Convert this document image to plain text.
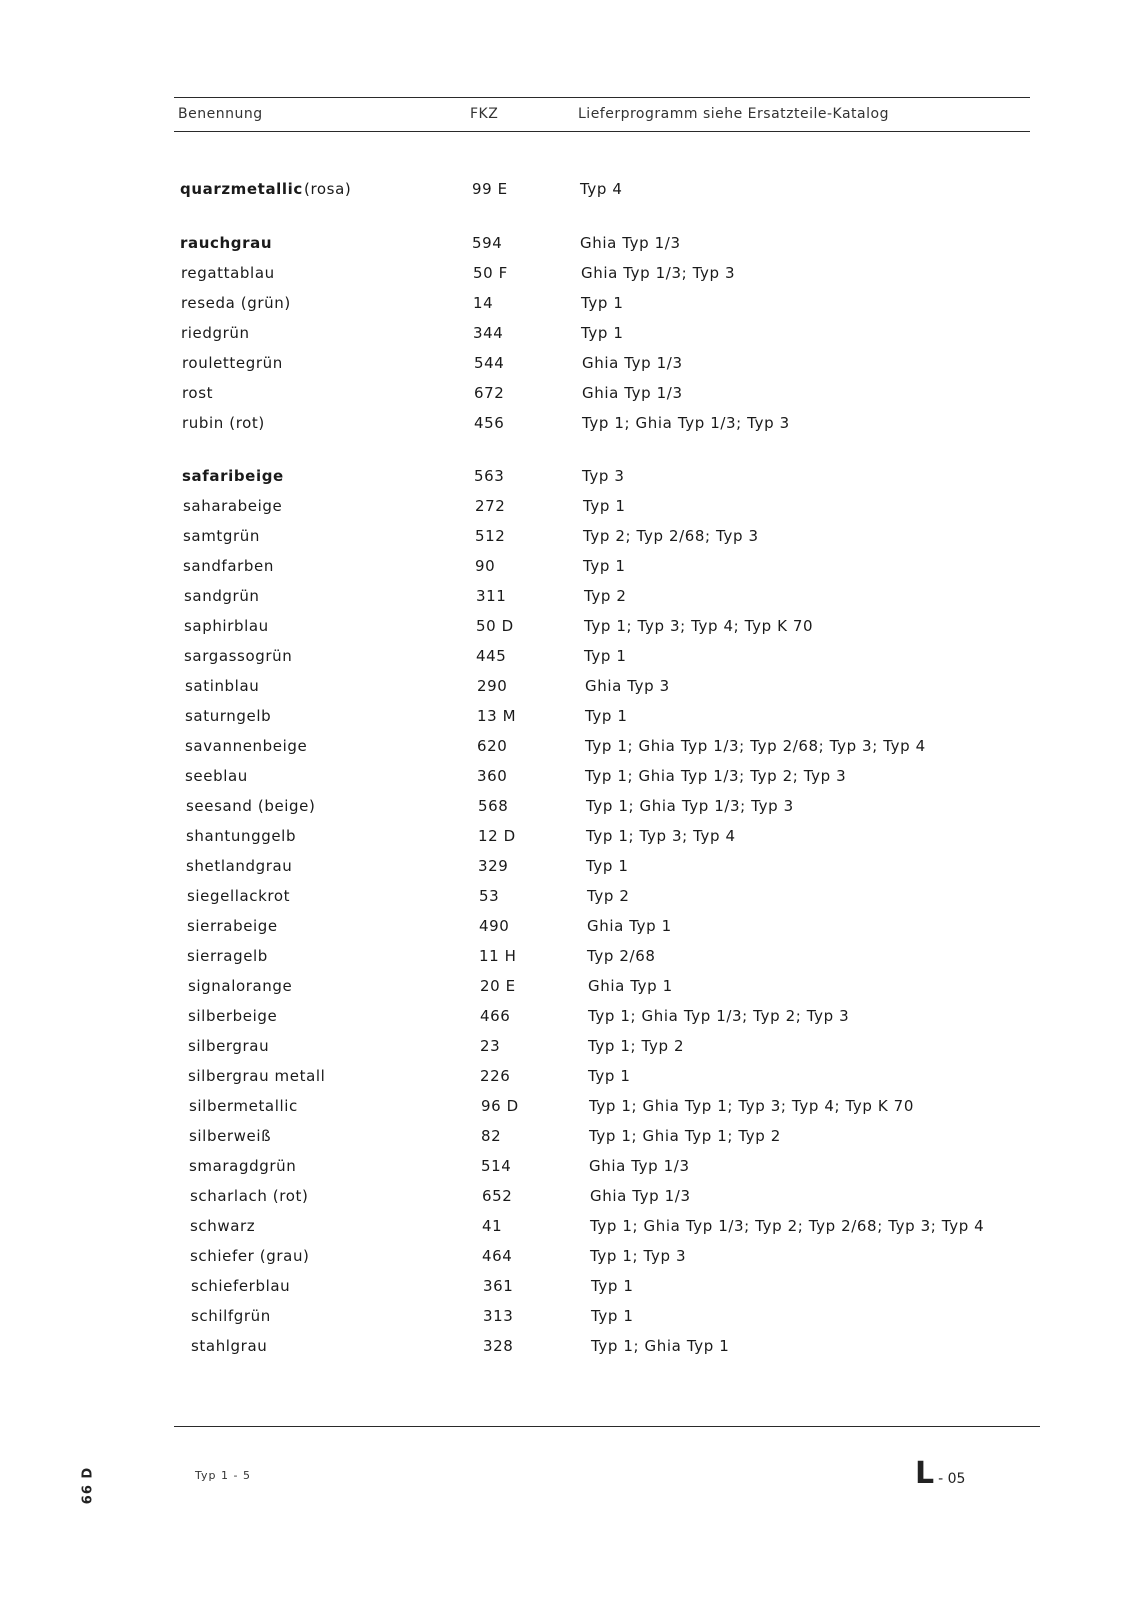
Benennung	FKZ	Lieferprogramm siehe Ersatzteile-Katalog
quarzmetallic (rosa)	99 E	Typ 4
rauchgrau	594	Ghia Typ 1/3
regattablau	50 F	Ghia Typ 1/3; Typ 3
reseda (grün)	14	Typ 1
riedgrün	344	Typ 1
roulettegrün	544	Ghia Typ 1/3
rost	672	Ghia Typ 1/3
rubin (rot)	456	Typ 1; Ghia Typ 1/3; Typ 3
safaribeige	563	Typ 3
saharabeige	272	Typ 1
samtgrün	512	Typ 2; Typ 2/68; Typ 3
sandfarben	90	Typ 1
sandgrün	311	Typ 2
saphirblau	50 D	Typ 1; Typ 3; Typ 4; Typ K 70
sargassogrün	445	Typ 1
satinblau	290	Ghia Typ 3
saturngelb	13 M	Typ 1
savannenbeige	620	Typ 1; Ghia Typ 1/3; Typ 2/68; Typ 3; Typ 4
seeblau	360	Typ 1; Ghia Typ 1/3; Typ 2; Typ 3
seesand (beige)	568	Typ 1; Ghia Typ 1/3; Typ 3
shantunggelb	12 D	Typ 1; Typ 3; Typ 4
shetlandgrau	329	Typ 1
siegellackrot	53	Typ 2
sierrabeige	490	Ghia Typ 1
sierragelb	11 H	Typ 2/68
signalorange	20 E	Ghia Typ 1
silberbeige	466	Typ 1; Ghia Typ 1/3; Typ 2; Typ 3
silbergrau	23	Typ 1; Typ 2
silbergrau metall	226	Typ 1
silbermetallic	96 D	Typ 1; Ghia Typ 1; Typ 3; Typ 4; Typ K 70
silberweiß	82	Typ 1; Ghia Typ 1; Typ 2
smaragdgrün	514	Ghia Typ 1/3
scharlach (rot)	652	Ghia Typ 1/3
schwarz	41	Typ 1; Ghia Typ 1/3; Typ 2; Typ 2/68; Typ 3; Typ 4
schiefer (grau)	464	Typ 1; Typ 3
schieferblau	361	Typ 1
schilfgrün	313	Typ 1
stahlgrau	328	Typ 1; Ghia Typ 1
Typ 1 - 5	L - 05
66 D
